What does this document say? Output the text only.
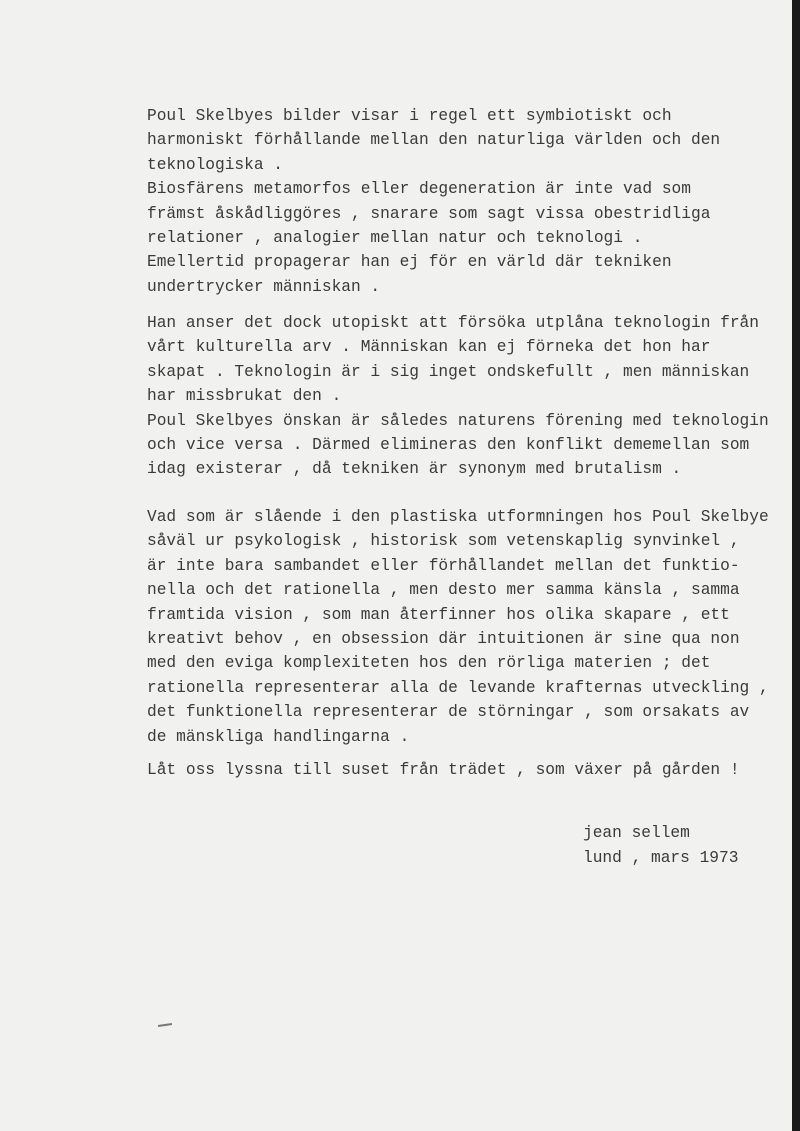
Poul Skelbyes bilder visar i regel ett symbiotiskt och
harmoniskt förhållande mellan den naturliga världen och den
teknologiska .
Biosfärens metamorfos eller degeneration är inte vad som
främst åskådliggöres , snarare som sagt vissa obestridliga
relationer , analogier mellan natur och teknologi .
Emellertid propagerar han ej för en värld där tekniken
undertrycker människan .
Han anser det dock utopiskt att försöka utplåna teknologin från
vårt kulturella arv . Människan kan ej förneka det hon har
skapat . Teknologin är i sig inget ondskefullt , men människan
har missbrukat den .
Poul Skelbyes önskan är således naturens förening med teknologin
och vice versa . Därmed elimineras den konflikt dememellan som
idag existerar , då tekniken är synonym med brutalism .
Vad som är slående i den plastiska utformningen hos Poul Skelbye
såväl ur psykologisk , historisk som vetenskaplig synvinkel ,
är inte bara sambandet eller förhållandet mellan det funktio-
nella och det rationella , men desto mer samma känsla , samma
framtida vision , som man återfinner hos olika skapare , ett
kreativt behov , en obsession där intuitionen är sine qua non
med den eviga komplexiteten hos den rörliga materien ; det
rationella representerar alla de levande krafternas utveckling ,
det funktionella representerar de störningar , som orsakats av
de mänskliga handlingarna .
Låt oss lyssna till suset från trädet , som växer på gården !
jean sellem
lund , mars 1973
